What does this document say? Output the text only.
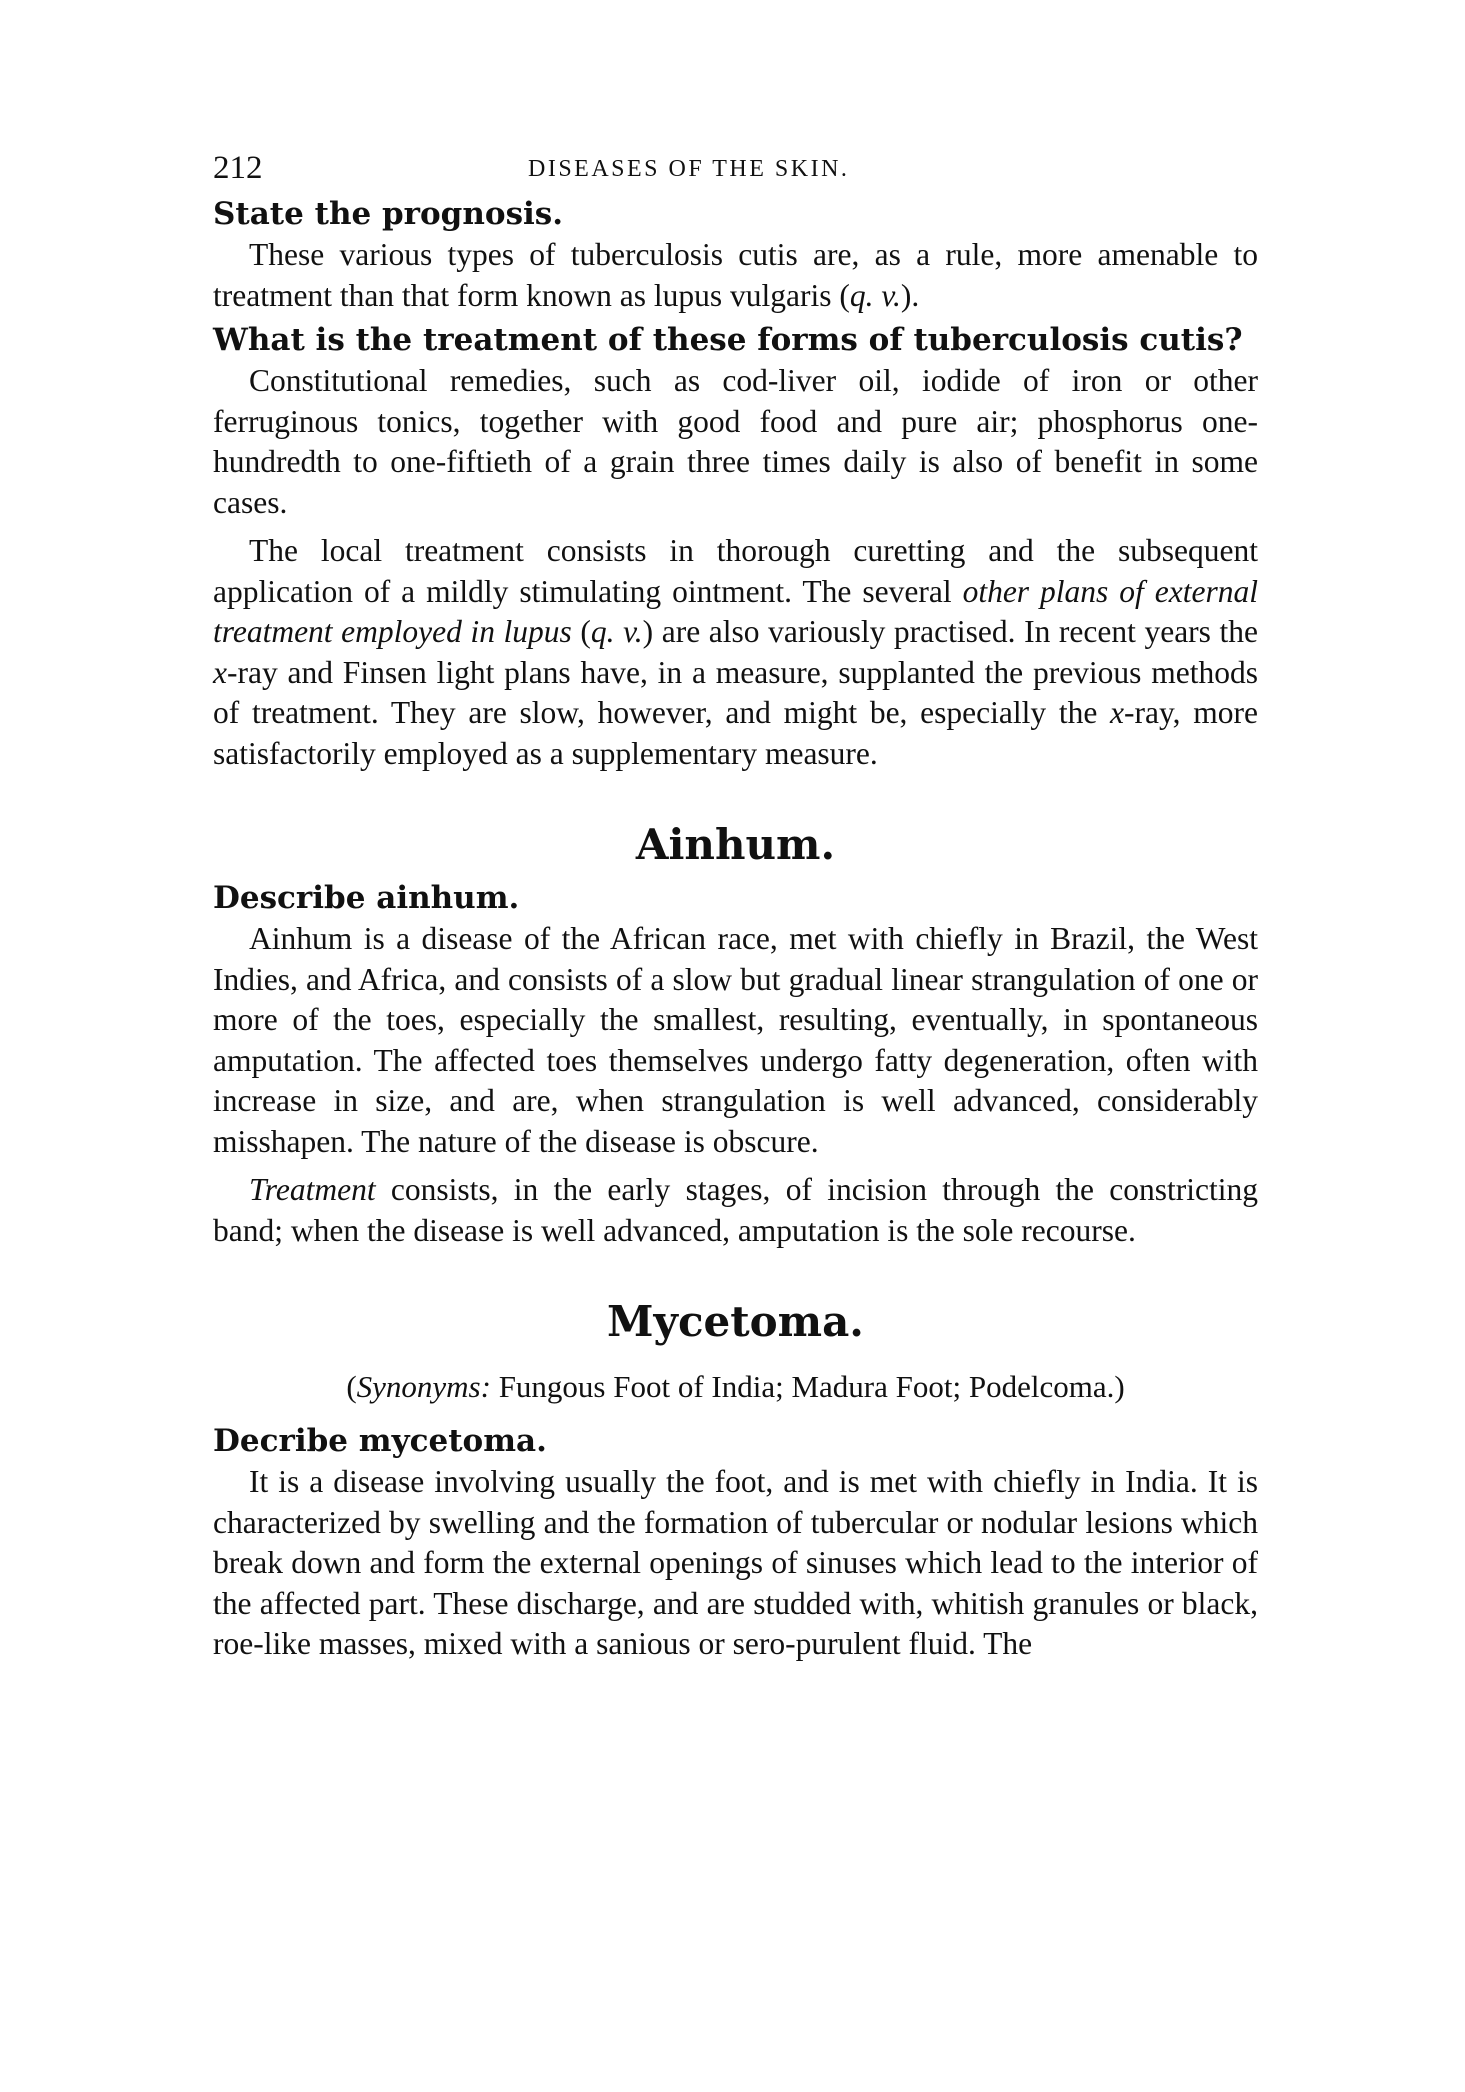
212	DISEASES OF THE SKIN.

State the prognosis.

These various types of tuberculosis cutis are, as a rule, more amenable to treatment than that form known as lupus vulgaris (q. v.).

What is the treatment of these forms of tuberculosis cutis?

Constitutional remedies, such as cod-liver oil, iodide of iron or other ferruginous tonics, together with good food and pure air; phosphorus one-hundredth to one-fiftieth of a grain three times daily is also of benefit in some cases.

The local treatment consists in thorough curetting and the subsequent application of a mildly stimulating ointment. The several other plans of external treatment employed in lupus (q. v.) are also variously practised. In recent years the x-ray and Finsen light plans have, in a measure, supplanted the previous methods of treatment. They are slow, however, and might be, especially the x-ray, more satisfactorily employed as a supplementary measure.

Ainhum.

Describe ainhum.

Ainhum is a disease of the African race, met with chiefly in Brazil, the West Indies, and Africa, and consists of a slow but gradual linear strangulation of one or more of the toes, especially the smallest, resulting, eventually, in spontaneous amputation. The affected toes themselves undergo fatty degeneration, often with increase in size, and are, when strangulation is well advanced, considerably misshapen. The nature of the disease is obscure.

Treatment consists, in the early stages, of incision through the constricting band; when the disease is well advanced, amputation is the sole recourse.

Mycetoma.

(Synonyms: Fungous Foot of India; Madura Foot; Podelcoma.)

Decribe mycetoma.

It is a disease involving usually the foot, and is met with chiefly in India. It is characterized by swelling and the formation of tubercular or nodular lesions which break down and form the external openings of sinuses which lead to the interior of the affected part. These discharge, and are studded with, whitish granules or black, roe-like masses, mixed with a sanious or sero-purulent fluid. The
